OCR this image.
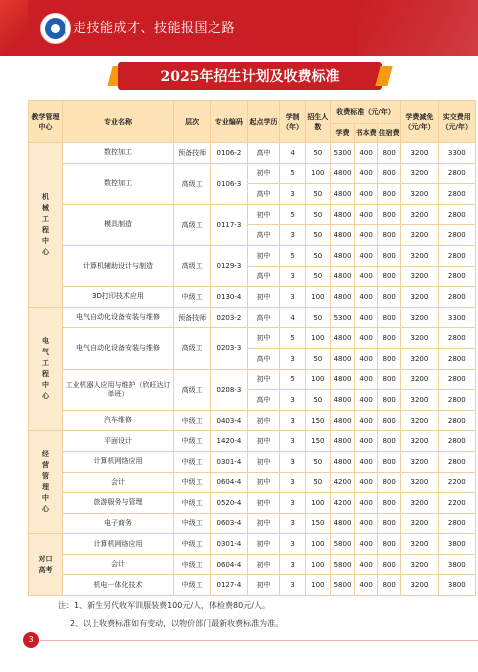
走技能成才、技能报国之路
2025年招生计划及收费标准
教学管理中心	专业名称	层次	专业编码	起点学历	学制（年）	招生人数	收费标准（元/年）			学费减免（元/年）	实交费用（元/年）
							学费	书本费	住宿费		
机械工程中心	数控加工	预备技师	0106-2	高中	4	50	5300	400	800	3200	3300
	数控加工	高级工	0106-3	初中	5	100	4800	400	800	3200	2800
				高中	3	50	4800	400	800	3200	2800
	模具制造	高级工	0117-3	初中	5	50	4800	400	800	3200	2800
				高中	3	50	4800	400	800	3200	2800
	计算机辅助设计与制造	高级工	0129-3	初中	5	50	4800	400	800	3200	2800
				高中	3	50	4800	400	800	3200	2800
	3D打印技术应用	中级工	0130-4	初中	3	100	4800	400	800	3200	2800
电气工程中心	电气自动化设备安装与维修	预备技师	0203-2	高中	4	50	5300	400	800	3200	3300
	电气自动化设备安装与维修	高级工	0203-3	初中	5	100	4800	400	800	3200	2800
				高中	3	50	4800	400	800	3200	2800
	工业机器人应用与维护（欣旺达订单班）	高级工	0208-3	初中	5	100	4800	400	800	3200	2800
				高中	3	50	4800	400	800	3200	2800
	汽车维修	中级工	0403-4	初中	3	150	4800	400	800	3200	2800
经营管理中心	平面设计	中级工	1420-4	初中	3	150	4800	400	800	3200	2800
	计算机网络应用	中级工	0301-4	初中	3	50	4800	400	800	3200	2800
	会计	中级工	0604-4	初中	3	50	4200	400	800	3200	2200
	旅游服务与管理	中级工	0520-4	初中	3	100	4200	400	800	3200	2200
	电子商务	中级工	0603-4	初中	3	150	4800	400	800	3200	2800
对口高考	计算机网络应用	中级工	0301-4	初中	3	100	5800	400	800	3200	3800
	会计	中级工	0604-4	初中	3	100	5800	400	800	3200	3800
	机电一体化技术	中级工	0127-4	初中	3	100	5800	400	800	3200	3800
注：1、新生另代收军训服装费100元/人，体检费80元/人。
2、以上收费标准如有变动，以物价部门最新收费标准为准。
3
